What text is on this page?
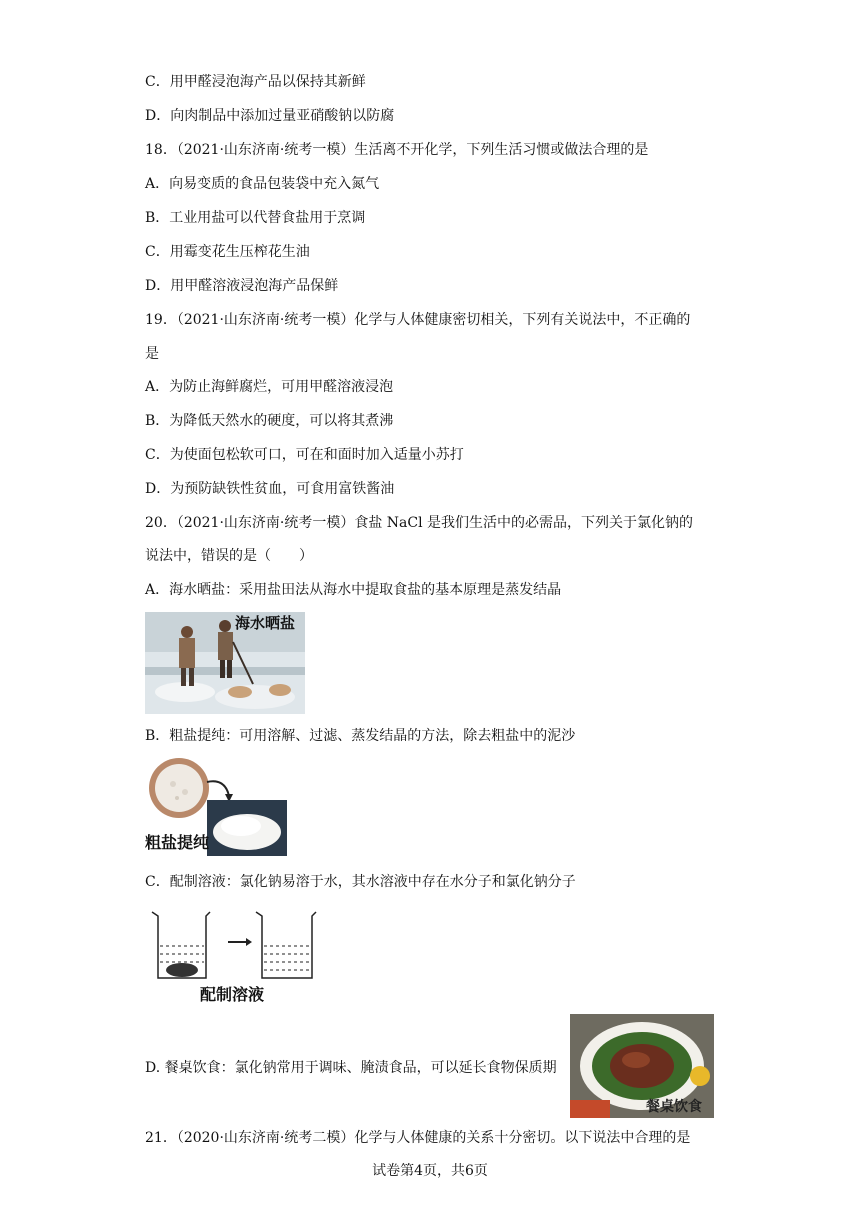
C．用甲醛浸泡海产品以保持其新鲜
D．向肉制品中添加过量亚硝酸钠以防腐
18．（2021·山东济南·统考一模）生活离不开化学，下列生活习惯或做法合理的是
A．向易变质的食品包装袋中充入氮气
B．工业用盐可以代替食盐用于烹调
C．用霉变花生压榨花生油
D．用甲醛溶液浸泡海产品保鲜
19．（2021·山东济南·统考一模）化学与人体健康密切相关，下列有关说法中，不正确的
是
A．为防止海鲜腐烂，可用甲醛溶液浸泡
B．为降低天然水的硬度，可以将其煮沸
C．为使面包松软可口，可在和面时加入适量小苏打
D．为预防缺铁性贫血，可食用富铁酱油
20．（2021·山东济南·统考一模）食盐 NaCl 是我们生活中的必需品，下列关于氯化钠的
说法中，错误的是（　　）
A．海水晒盐：采用盐田法从海水中提取食盐的基本原理是蒸发结晶
海水晒盐
B．粗盐提纯：可用溶解、过滤、蒸发结晶的方法，除去粗盐中的泥沙
粗盐提纯
C．配制溶液：氯化钠易溶于水，其水溶液中存在水分子和氯化钠分子
配制溶液
D. 餐桌饮食：氯化钠常用于调味、腌渍食品，可以延长食物保质期
餐桌饮食
21．（2020·山东济南·统考二模）化学与人体健康的关系十分密切。以下说法中合理的是
试卷第4页，共6页
